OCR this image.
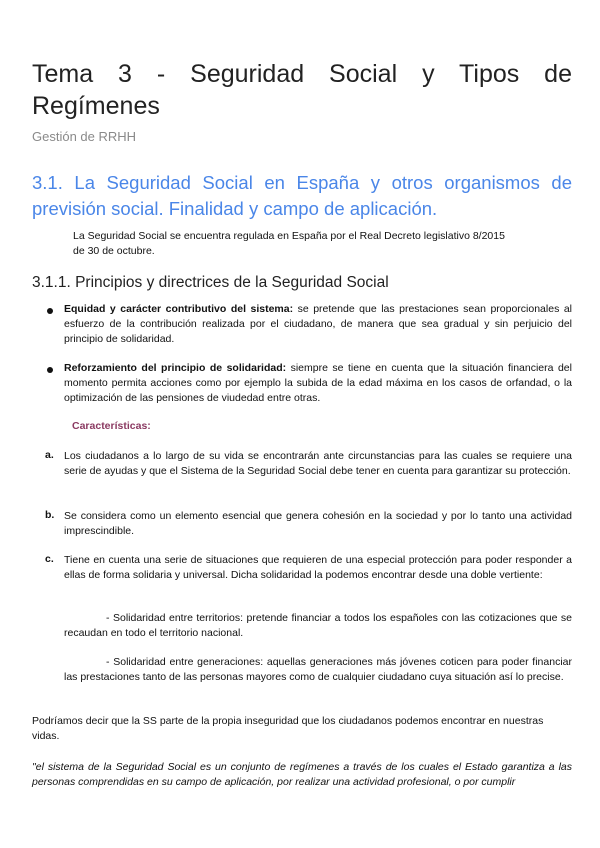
Tema 3 - Seguridad Social y Tipos de Regímenes
Gestión de RRHH
3.1. La Seguridad Social en España y otros organismos de previsión social. Finalidad y campo de aplicación.

La Seguridad Social se encuentra regulada en España por el Real Decreto legislativo 8/2015 de 30 de octubre.

3.1.1. Principios y directrices de la Seguridad Social

Equidad y carácter contributivo del sistema: se pretende que las prestaciones sean proporcionales al esfuerzo de la contribución realizada por el ciudadano, de manera que sea gradual y sin perjuicio del principio de solidaridad.

Reforzamiento del principio de solidaridad: siempre se tiene en cuenta que la situación financiera del momento permita acciones como por ejemplo la subida de la edad máxima en los casos de orfandad, o la optimización de las pensiones de viudedad entre otras.

Características:
a. Los ciudadanos a lo largo de su vida se encontrarán ante circunstancias para las cuales se requiere una serie de ayudas y que el Sistema de la Seguridad Social debe tener en cuenta para garantizar su protección.

b. Se considera como un elemento esencial que genera cohesión en la sociedad y por lo tanto una actividad imprescindible.

c. Tiene en cuenta una serie de situaciones que requieren de una especial protección para poder responder a ellas de forma solidaria y universal. Dicha solidaridad la podemos encontrar desde una doble vertiente:

- Solidaridad entre territorios: pretende financiar a todos los españoles con las cotizaciones que se recaudan en todo el territorio nacional.

- Solidaridad entre generaciones: aquellas generaciones más jóvenes coticen para poder financiar las prestaciones tanto de las personas mayores como de cualquier ciudadano cuya situación así lo precise.

Podríamos decir que la SS parte de la propia inseguridad que los ciudadanos podemos encontrar en nuestras vidas.

"el sistema de la Seguridad Social es un conjunto de regímenes a través de los cuales el Estado garantiza a las personas comprendidas en su campo de aplicación, por realizar una actividad profesional, o por cumplir
